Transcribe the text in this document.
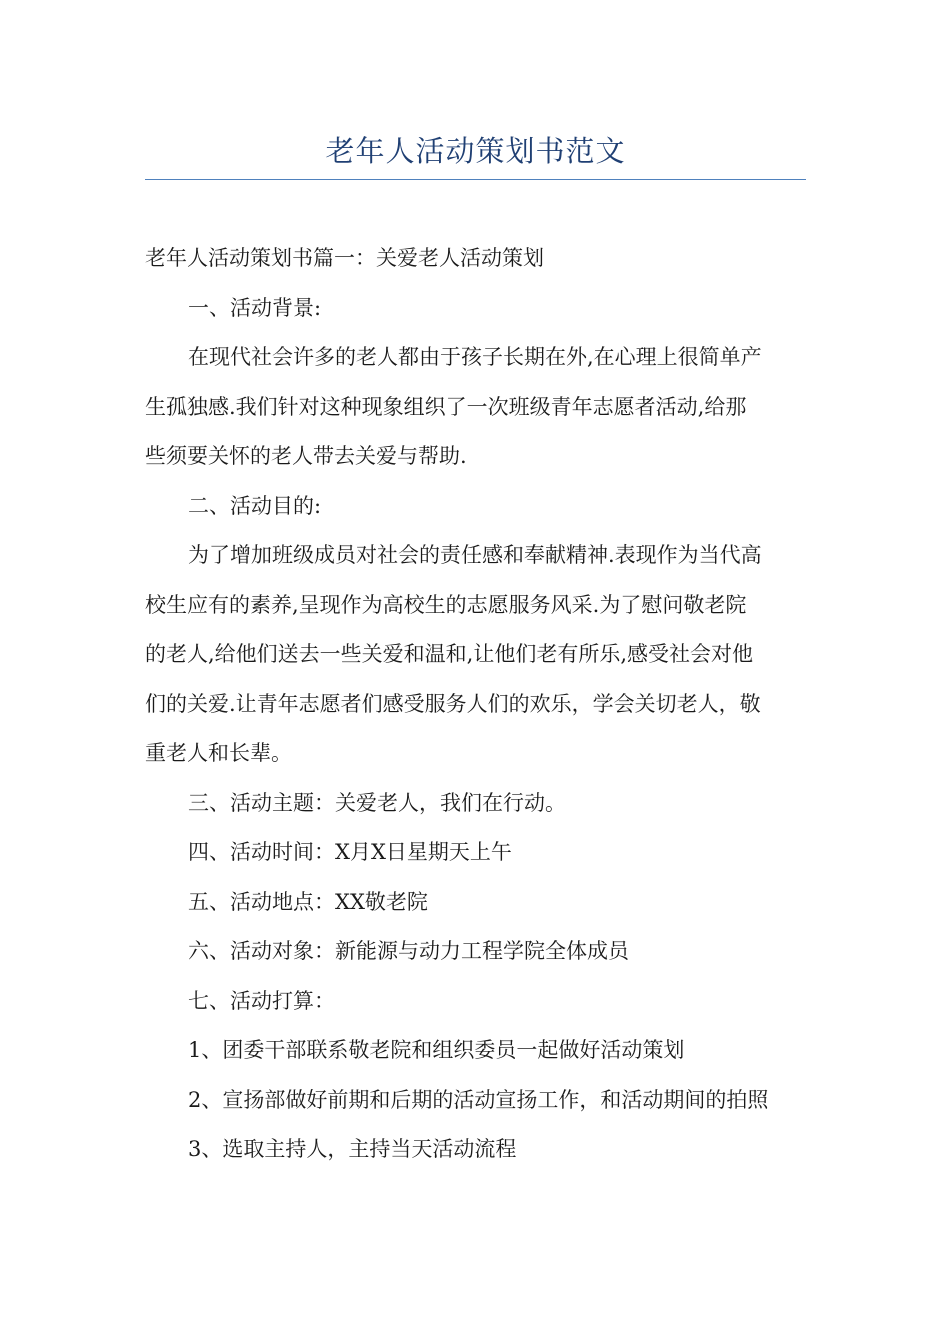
老年人活动策划书范文
老年人活动策划书篇一：关爱老人活动策划
一、活动背景:
在现代社会许多的老人都由于孩子长期在外,在心理上很简单产
生孤独感.我们针对这种现象组织了一次班级青年志愿者活动,给那
些须要关怀的老人带去关爱与帮助.
二、活动目的:
为了增加班级成员对社会的责任感和奉献精神.表现作为当代高
校生应有的素养,呈现作为高校生的志愿服务风采.为了慰问敬老院
的老人,给他们送去一些关爱和温和,让他们老有所乐,感受社会对他
们的关爱.让青年志愿者们感受服务人们的欢乐，学会关切老人，敬
重老人和长辈。
三、活动主题：关爱老人，我们在行动。
四、活动时间：X月X日星期天上午
五、活动地点：XX敬老院
六、活动对象：新能源与动力工程学院全体成员
七、活动打算：
1、团委干部联系敬老院和组织委员一起做好活动策划
2、宣扬部做好前期和后期的活动宣扬工作，和活动期间的拍照
3、选取主持人，主持当天活动流程
